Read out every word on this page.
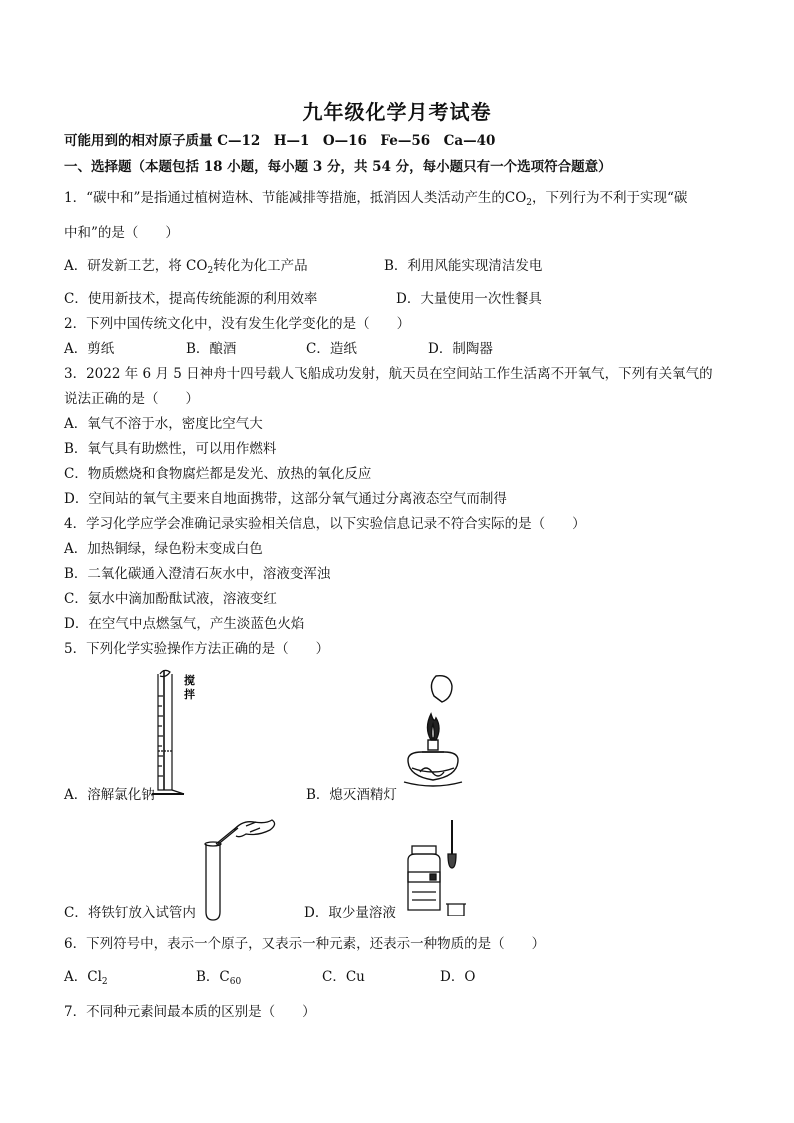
九年级化学月考试卷
可能用到的相对原子质量 C—12　H—1　O—16　Fe—56　Ca—40
一、选择题（本题包括 18 小题，每小题 3 分，共 54 分，每小题只有一个选项符合题意）
1．“碳中和”是指通过植树造林、节能减排等措施，抵消因人类活动产生的$CO_2$，下列行为不利于实现“碳
中和”的是（　　）
A．研发新工艺，将 $CO_2$转化为化工产品	B．利用风能实现清洁发电
C．使用新技术，提高传统能源的利用效率	D．大量使用一次性餐具
2．下列中国传统文化中，没有发生化学变化的是（　　）
A．剪纸	B．酿酒	C．造纸	D．制陶器
3．2022 年 6 月 5 日神舟十四号载人飞船成功发射，航天员在空间站工作生活离不开氧气，下列有关氧气的
说法正确的是（　　）
A．氧气不溶于水，密度比空气大
B．氧气具有助燃性，可以用作燃料
C．物质燃烧和食物腐烂都是发光、放热的氧化反应
D．空间站的氧气主要来自地面携带，这部分氧气通过分离液态空气而制得
4．学习化学应学会准确记录实验相关信息，以下实验信息记录不符合实际的是（　　）
A．加热铜绿，绿色粉末变成白色
B．二氧化碳通入澄清石灰水中，溶液变浑浊
C．氨水中滴加酚酞试液，溶液变红
D．在空气中点燃氢气，产生淡蓝色火焰
5．下列化学实验操作方法正确的是（　　）
搅
拌
A．溶解氯化钠	B．熄灭酒精灯
C．将铁钉放入试管内	D．取少量溶液
6．下列符号中，表示一个原子，又表示一种元素，还表示一种物质的是（　　）
A．$Cl_2$	B．$C_{60}$	C．Cu	D．O
7．不同种元素间最本质的区别是（　　）
